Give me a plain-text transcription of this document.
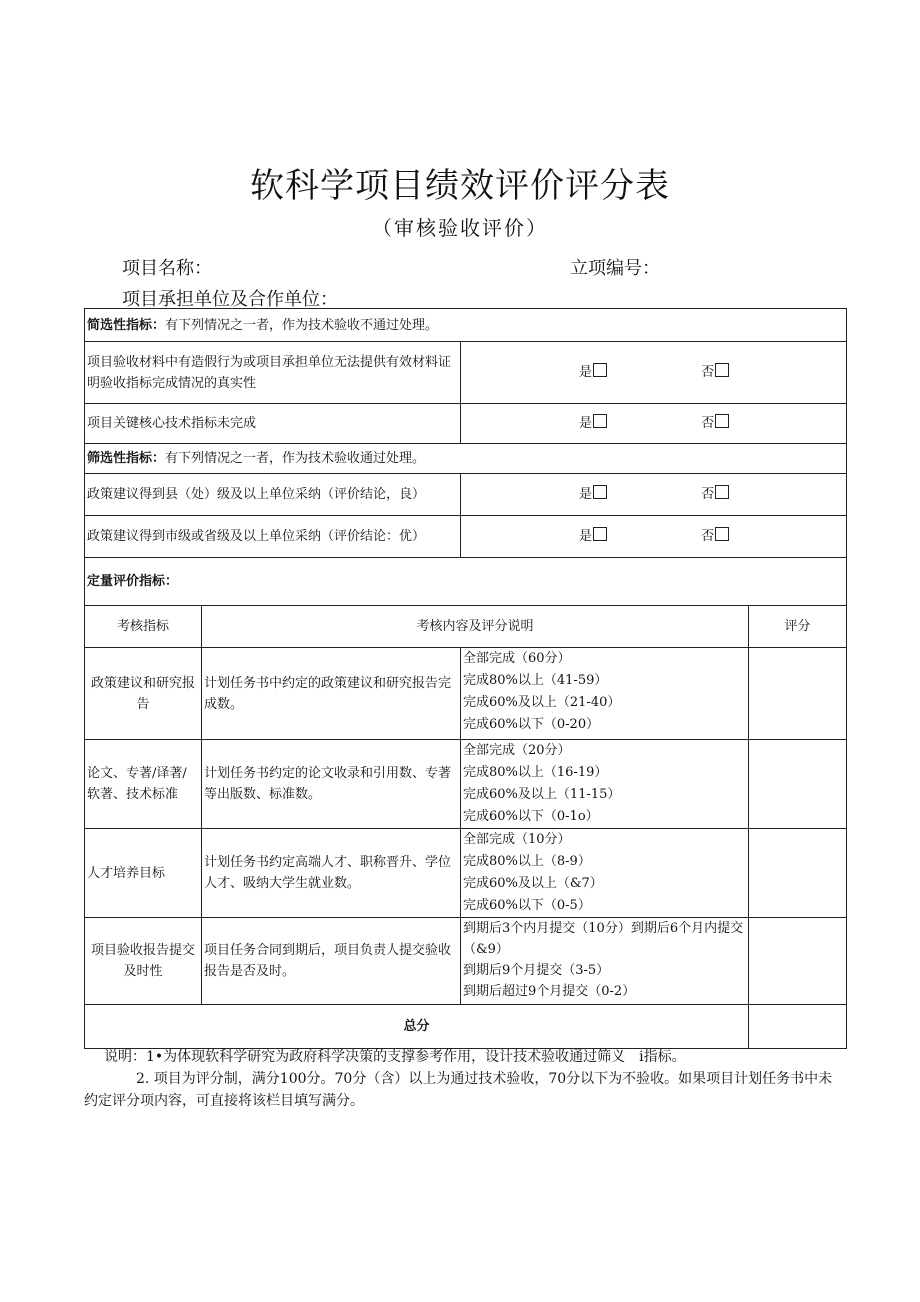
软科学项目绩效评价评分表
（审核验收评价）
项目名称：	立项编号：
项目承担单位及合作单位：
简选性指标：有下列情况之一者，作为技术验收不通过处理。			
项目验收材料中有造假行为或项目承担单位无法提供有效材料证明验收指标完成情况的真实性		是 否	
项目关键核心技术指标未完成		是 否	
筛选性指标：有下列情况之一者，作为技术验收通过处理。			
政策建议得到县（处）级及以上单位采纳（评价结论，良）		是 否	
政策建议得到市级或省级及以上单位采纳（评价结论：优）		是 否	
定量评价指标：			
考核指标	考核内容及评分说明		评分
政策建议和研究报告	计划任务书中约定的政策建议和研究报告完成数。	全部完成（60分）
完成80%以上（41-59）
完成60%及以上（21-40）
完成60%以下（0-20）	

论文、专著/译著/软著、技术标准	计划任务书约定的论文收录和引用数、专著等出版数、标准数。	全部完成（20分）
完成80%以上（16-19）
完成60%及以上（11-15）
完成60%以下（0-1o）	

人才培养目标	计划任务书约定高端人才、职称晋升、学位人才、吸纳大学生就业数。	全部完成（10分）
完成80%以上（8-9）
完成60%及以上（&7）
完成60%以下（0-5）	

项目验收报告提交及时性	项目任务合同到期后，项目负责人提交验收报告是否及时。	到期后3个内月提交（10分）到期后6个月内提交（&9）
到期后9个月提交（3-5）
到期后超过9个月提交（0-2）	

总分			

说明：1•为体现软科学研究为政府科学决策的支撑参考作用，设计技术验收通过筛义　i指标。

2. 项目为评分制，满分100分。70分（含）以上为通过技术验收，70分以下为不验收。如果项目计划任务书中未约定评分项内容，可直接将该栏目填写满分。
